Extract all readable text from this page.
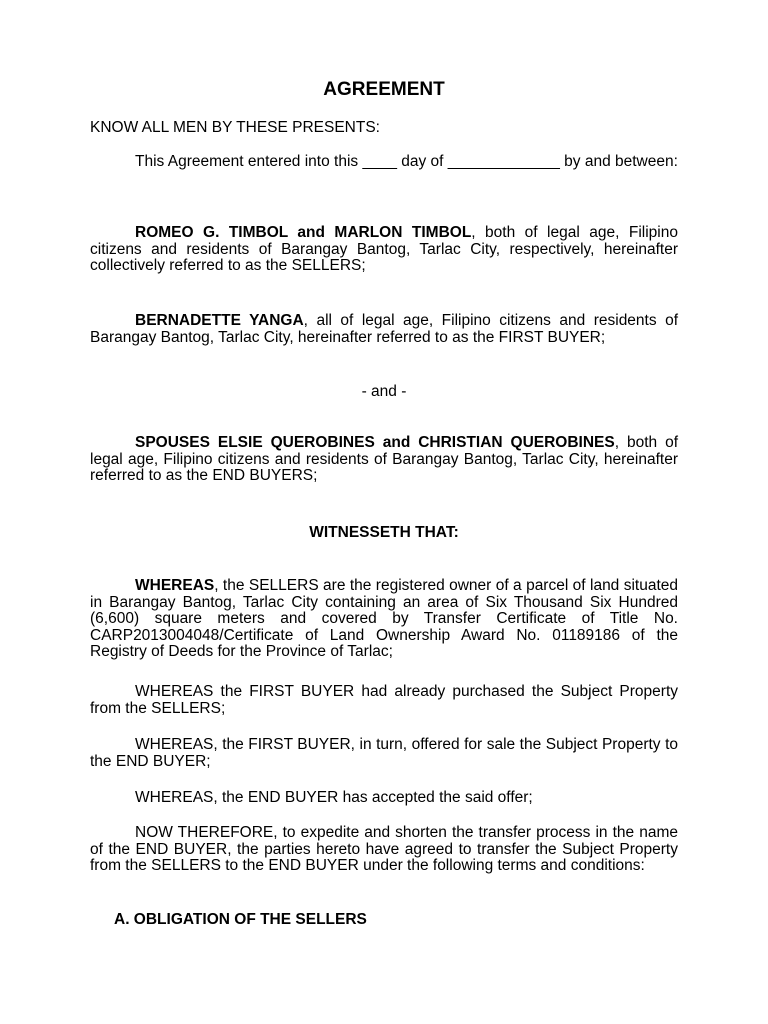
AGREEMENT

KNOW ALL MEN BY THESE PRESENTS:

This Agreement entered into this ____ day of _____________ by and between:

ROMEO G. TIMBOL and MARLON TIMBOL, both of legal age, Filipino citizens and residents of Barangay Bantog, Tarlac City, respectively, hereinafter collectively referred to as the SELLERS;

BERNADETTE YANGA, all of legal age, Filipino citizens and residents of Barangay Bantog, Tarlac City, hereinafter referred to as the FIRST BUYER;

- and -

SPOUSES ELSIE QUEROBINES and CHRISTIAN QUEROBINES, both of legal age, Filipino citizens and residents of Barangay Bantog, Tarlac City, hereinafter referred to as the END BUYERS;

WITNESSETH THAT:

WHEREAS, the SELLERS are the registered owner of a parcel of land situated in Barangay Bantog, Tarlac City containing an area of Six Thousand Six Hundred (6,600) square meters and covered by Transfer Certificate of Title No. CARP2013004048/Certificate of Land Ownership Award No. 01189186 of the Registry of Deeds for the Province of Tarlac;

WHEREAS the FIRST BUYER had already purchased the Subject Property from the SELLERS;

WHEREAS, the FIRST BUYER, in turn, offered for sale the Subject Property to the END BUYER;

WHEREAS, the END BUYER has accepted the said offer;

NOW THEREFORE, to expedite and shorten the transfer process in the name of the END BUYER, the parties hereto have agreed to transfer the Subject Property from the SELLERS to the END BUYER under the following terms and conditions:

A. OBLIGATION OF THE SELLERS
